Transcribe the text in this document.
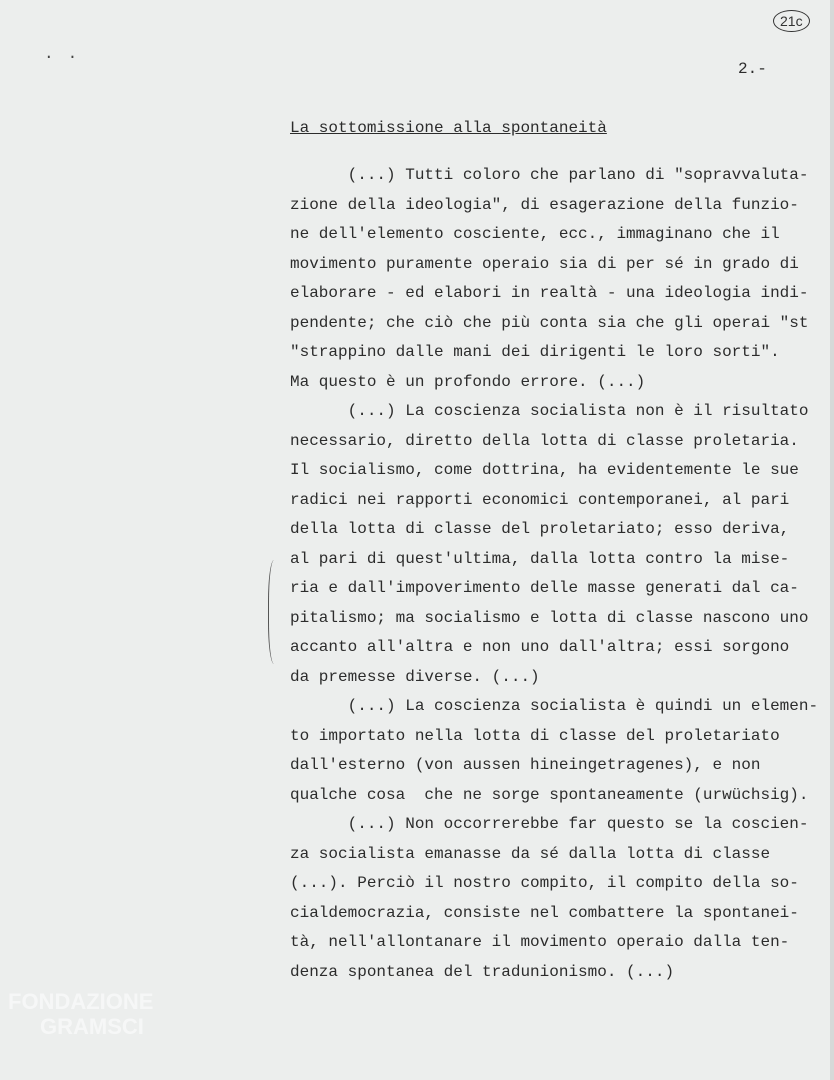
··
21c
2.-
La sottomissione alla spontaneità
(...) Tutti coloro che parlano di "sopravvaluta-
zione della ideologia", di esagerazione della funzio-
ne dell'elemento cosciente, ecc., immaginano che il
movimento puramente operaio sia di per sé in grado di
elaborare - ed elabori in realtà - una ideologia indi-
pendente; che ciò che più conta sia che gli operai "st
"strappino dalle mani dei dirigenti le loro sorti".
Ma questo è un profondo errore. (...)
(...) La coscienza socialista non è il risultato
necessario, diretto della lotta di classe proletaria.
Il socialismo, come dottrina, ha evidentemente le sue
radici nei rapporti economici contemporanei, al pari
della lotta di classe del proletariato; esso deriva,
al pari di quest'ultima, dalla lotta contro la mise-
ria e dall'impoverimento delle masse generati dal ca-
pitalismo; ma socialismo e lotta di classe nascono uno
accanto all'altra e non uno dall'altra; essi sorgono
da premesse diverse. (...)
(...) La coscienza socialista è quindi un elemen-
to importato nella lotta di classe del proletariato
dall'esterno (von aussen hineingetragenes), e non
qualche cosa  che ne sorge spontaneamente (urwüchsig).
(...) Non occorrerebbe far questo se la coscien-
za socialista emanasse da sé dalla lotta di classe
(...). Perciò il nostro compito, il compito della so-
cialdemocrazia, consiste nel combattere la spontanei-
tà, nell'allontanare il movimento operaio dalla ten-
denza spontanea del tradunionismo. (...)
FONDAZIONE
GRAMSCI
